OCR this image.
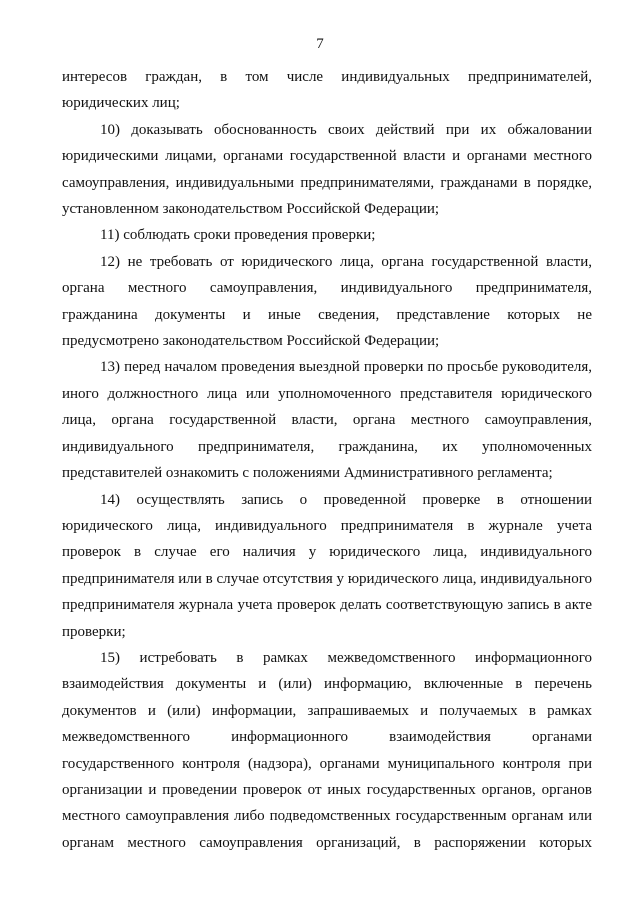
7

интересов граждан, в том числе индивидуальных предпринимателей, юридических лиц;

10) доказывать обоснованность своих действий при их обжаловании юридическими лицами, органами государственной власти и органами местного самоуправления, индивидуальными предпринимателями, гражданами в порядке, установленном законодательством Российской Федерации;

11) соблюдать сроки проведения проверки;

12) не требовать от юридического лица, органа государственной власти, органа местного самоуправления, индивидуального предпринимателя, гражданина документы и иные сведения, представление которых не предусмотрено законодательством Российской Федерации;

13) перед началом проведения выездной проверки по просьбе руководителя, иного должностного лица или уполномоченного представителя юридического лица, органа государственной власти, органа местного самоуправления, индивидуального предпринимателя, гражданина, их уполномоченных представителей ознакомить с положениями Административного регламента;

14) осуществлять запись о проведенной проверке в отношении юридического лица, индивидуального предпринимателя в журнале учета проверок в случае его наличия у юридического лица, индивидуального предпринимателя или в случае отсутствия у юридического лица, индивидуального предпринимателя журнала учета проверок делать соответствующую запись в акте проверки;

15) истребовать в рамках межведомственного информационного взаимодействия документы и (или) информацию, включенные в перечень документов и (или) информации, запрашиваемых и получаемых в рамках межведомственного информационного взаимодействия органами государственного контроля (надзора), органами муниципального контроля при организации и проведении проверок от иных государственных органов, органов местного самоуправления либо подведомственных государственным органам или органам местного самоуправления организаций, в распоряжении которых
